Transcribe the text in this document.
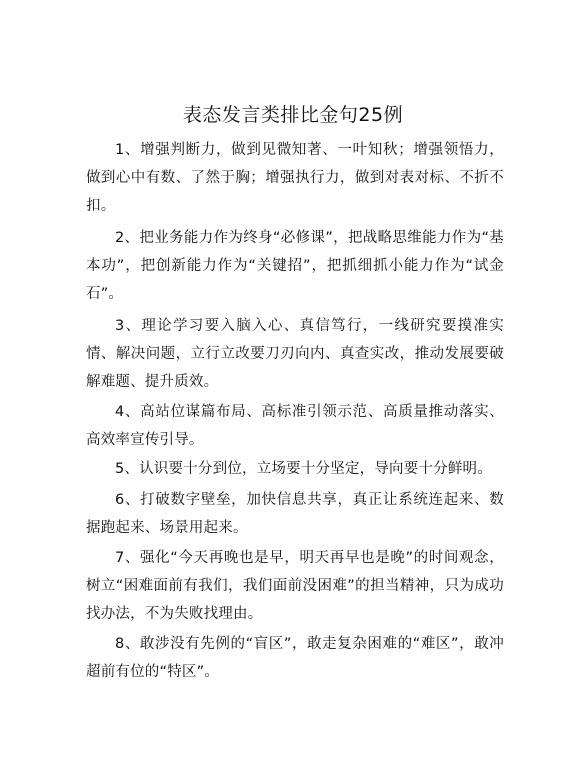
表态发言类排比金句25例

1、增强判断力，做到见微知著、一叶知秋；增强领悟力，做到心中有数、了然于胸；增强执行力，做到对表对标、不折不扣。

2、把业务能力作为终身“必修课”，把战略思维能力作为“基本功”，把创新能力作为“关键招”，把抓细抓小能力作为“试金石”。

3、理论学习要入脑入心、真信笃行，一线研究要摸准实情、解决问题，立行立改要刀刃向内、真查实改，推动发展要破解难题、提升质效。

4、高站位谋篇布局、高标准引领示范、高质量推动落实、高效率宣传引导。

5、认识要十分到位，立场要十分坚定，导向要十分鲜明。

6、打破数字壁垒，加快信息共享，真正让系统连起来、数据跑起来、场景用起来。

7、强化“今天再晚也是早，明天再早也是晚”的时间观念，树立“困难面前有我们，我们面前没困难”的担当精神，只为成功找办法，不为失败找理由。

8、敢涉没有先例的“盲区”，敢走复杂困难的“难区”，敢冲超前有位的“特区”。
